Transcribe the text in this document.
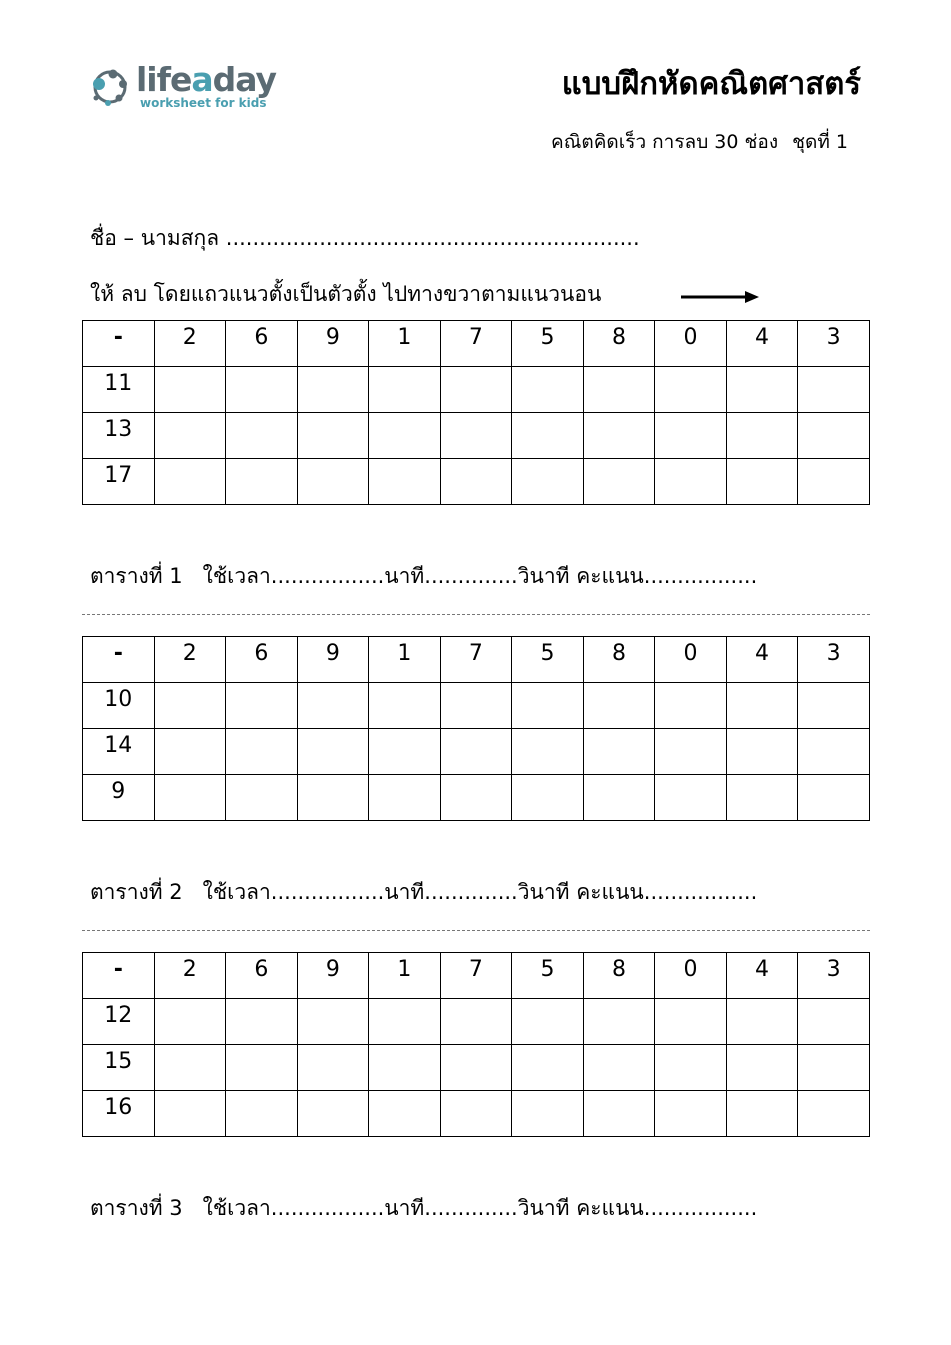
lifeaday
worksheet for kids
แบบฝึกหัดคณิตศาสตร์
คณิตคิดเร็ว การลบ 30 ช่อง ชุดที่ 1
ชื่อ – นามสกุล ..............................................................
ให้ ลบ โดยแถวแนวตั้งเป็นตัวตั้ง ไปทางขวาตามแนวนอน
-	2	6	9	1	7	5	8	0	4	3
11										
13										
17										
ตารางที่ 1 ใช้เวลา.................นาที..............วินาที คะแนน.................
-	2	6	9	1	7	5	8	0	4	3
10										
14										
9										
ตารางที่ 2 ใช้เวลา.................นาที..............วินาที คะแนน.................
-	2	6	9	1	7	5	8	0	4	3
12										
15										
16										
ตารางที่ 3 ใช้เวลา.................นาที..............วินาที คะแนน.................
